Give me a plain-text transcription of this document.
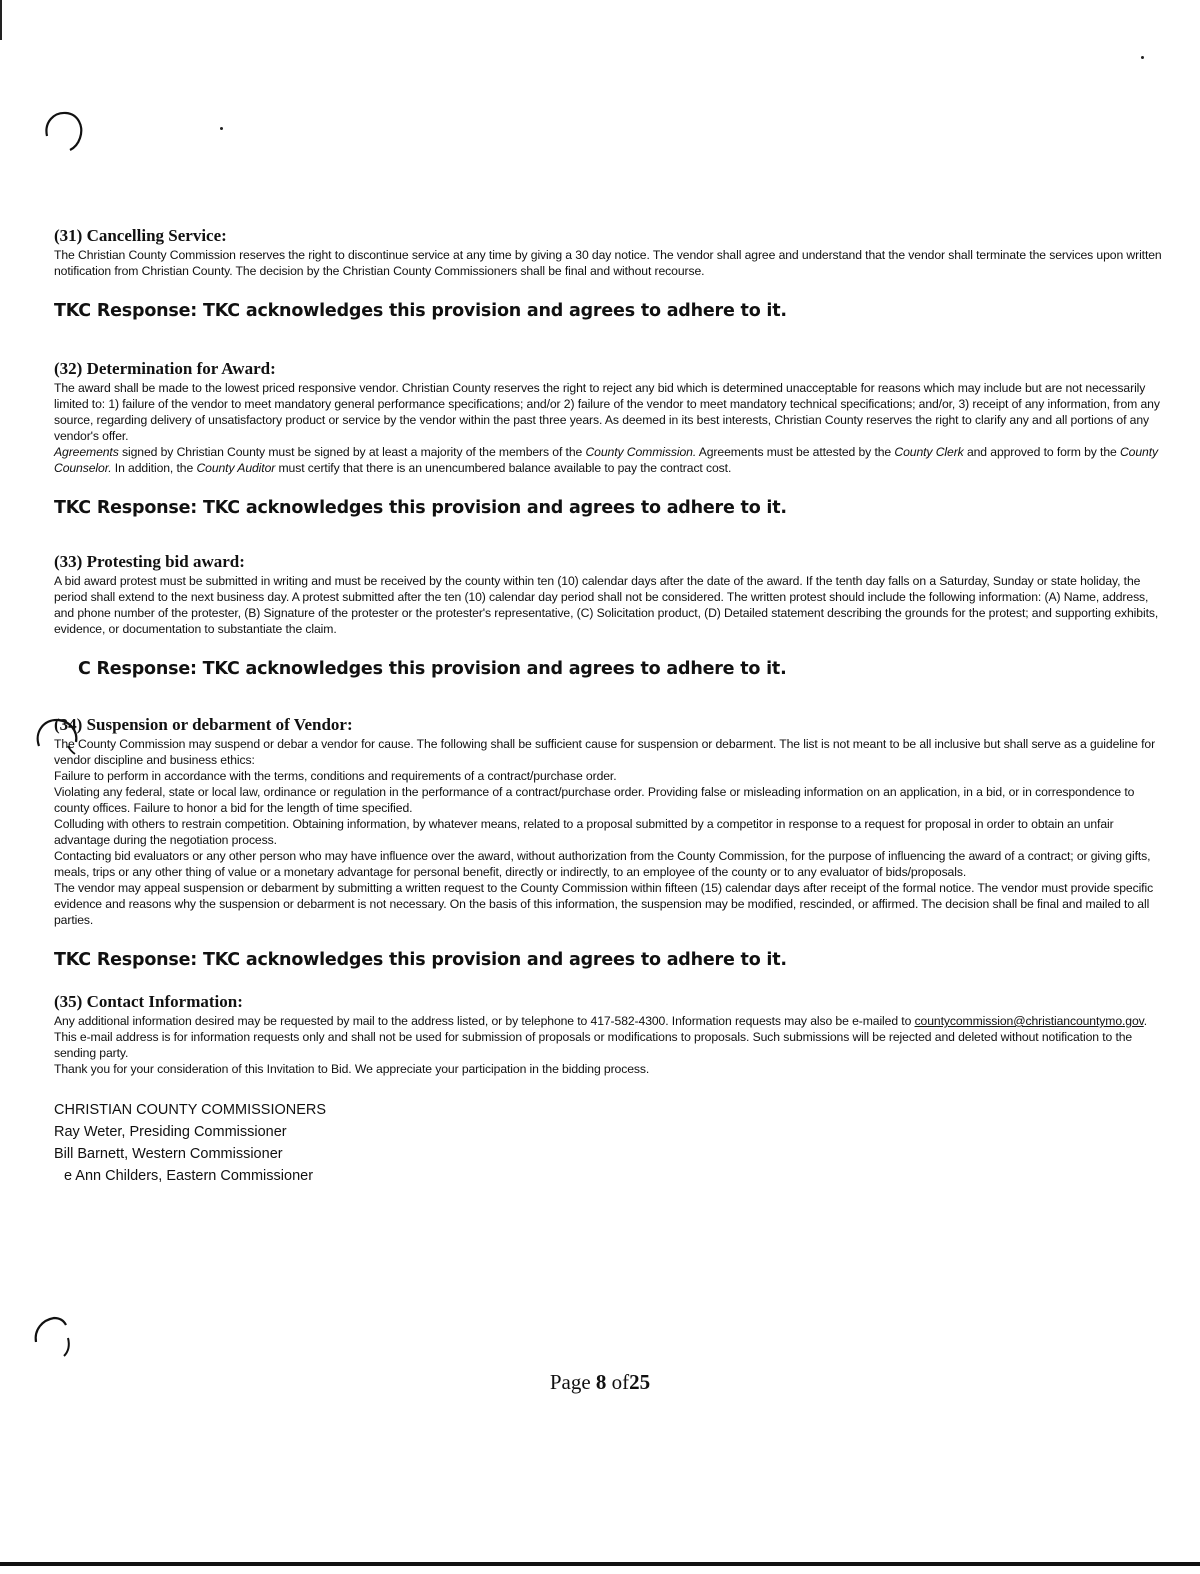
(31) Cancelling Service:

The Christian County Commission reserves the right to discontinue service at any time by giving a 30 day notice. The vendor shall agree and understand that the vendor shall terminate the services upon written notification from Christian County. The decision by the Christian County Commissioners shall be final and without recourse.

TKC Response: TKC acknowledges this provision and agrees to adhere to it.

(32) Determination for Award:

The award shall be made to the lowest priced responsive vendor. Christian County reserves the right to reject any bid which is determined unacceptable for reasons which may include but are not necessarily limited to: 1) failure of the vendor to meet mandatory general performance specifications; and/or 2) failure of the vendor to meet mandatory technical specifications; and/or, 3) receipt of any information, from any source, regarding delivery of unsatisfactory product or service by the vendor within the past three years. As deemed in its best interests, Christian County reserves the right to clarify any and all portions of any vendor's offer.

Agreements signed by Christian County must be signed by at least a majority of the members of the County Commission. Agreements must be attested by the County Clerk and approved to form by the County Counselor. In addition, the County Auditor must certify that there is an unencumbered balance available to pay the contract cost.

TKC Response: TKC acknowledges this provision and agrees to adhere to it.

(33) Protesting bid award:

A bid award protest must be submitted in writing and must be received by the county within ten (10) calendar days after the date of the award. If the tenth day falls on a Saturday, Sunday or state holiday, the period shall extend to the next business day. A protest submitted after the ten (10) calendar day period shall not be considered. The written protest should include the following information: (A) Name, address, and phone number of the protester, (B) Signature of the protester or the protester's representative, (C) Solicitation product, (D) Detailed statement describing the grounds for the protest; and supporting exhibits, evidence, or documentation to substantiate the claim.

C Response: TKC acknowledges this provision and agrees to adhere to it.

(34) Suspension or debarment of Vendor:

The County Commission may suspend or debar a vendor for cause. The following shall be sufficient cause for suspension or debarment. The list is not meant to be all inclusive but shall serve as a guideline for vendor discipline and business ethics:

Failure to perform in accordance with the terms, conditions and requirements of a contract/purchase order.

Violating any federal, state or local law, ordinance or regulation in the performance of a contract/purchase order. Providing false or misleading information on an application, in a bid, or in correspondence to county offices. Failure to honor a bid for the length of time specified.

Colluding with others to restrain competition. Obtaining information, by whatever means, related to a proposal submitted by a competitor in response to a request for proposal in order to obtain an unfair advantage during the negotiation process.

Contacting bid evaluators or any other person who may have influence over the award, without authorization from the County Commission, for the purpose of influencing the award of a contract; or giving gifts, meals, trips or any other thing of value or a monetary advantage for personal benefit, directly or indirectly, to an employee of the county or to any evaluator of bids/proposals.

The vendor may appeal suspension or debarment by submitting a written request to the County Commission within fifteen (15) calendar days after receipt of the formal notice. The vendor must provide specific evidence and reasons why the suspension or debarment is not necessary. On the basis of this information, the suspension may be modified, rescinded, or affirmed. The decision shall be final and mailed to all parties.

TKC Response: TKC acknowledges this provision and agrees to adhere to it.

(35) Contact Information:

Any additional information desired may be requested by mail to the address listed, or by telephone to 417-582-4300. Information requests may also be e-mailed to countycommission@christiancountymo.gov. This e-mail address is for information requests only and shall not be used for submission of proposals or modifications to proposals. Such submissions will be rejected and deleted without notification to the sending party.

Thank you for your consideration of this Invitation to Bid. We appreciate your participation in the bidding process.

CHRISTIAN COUNTY COMMISSIONERS

Ray Weter, Presiding Commissioner

Bill Barnett, Western Commissioner

e Ann Childers, Eastern Commissioner

Page 8 of25
